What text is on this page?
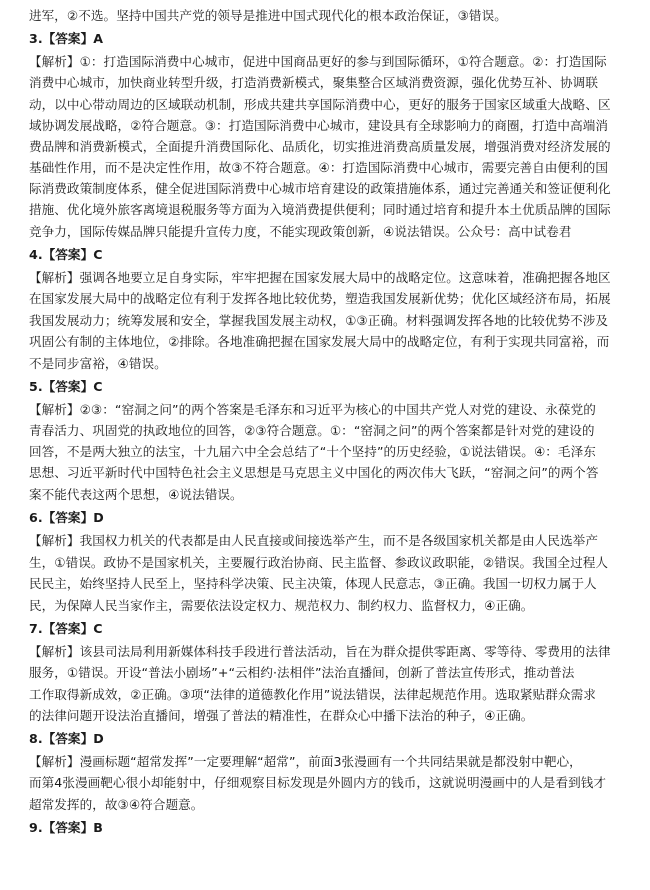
进军，②不选。坚持中国共产党的领导是推进中国式现代化的根本政治保证，③错误。
3.【答案】A
【解析】①：打造国际消费中心城市，促进中国商品更好的参与到国际循环，①符合题意。②：打造国际
消费中心城市，加快商业转型升级，打造消费新模式，聚集整合区域消费资源，强化优势互补、协调联
动，以中心带动周边的区域联动机制，形成共建共享国际消费中心，更好的服务于国家区域重大战略、区
域协调发展战略，②符合题意。③：打造国际消费中心城市，建设具有全球影响力的商圈，打造中高端消
费品牌和消费新模式，全面提升消费国际化、品质化，切实推进消费高质量发展，增强消费对经济发展的
基础性作用，而不是决定性作用，故③不符合题意。④：打造国际消费中心城市，需要完善自由便利的国
际消费政策制度体系，健全促进国际消费中心城市培育建设的政策措施体系，通过完善通关和签证便利化
措施、优化境外旅客离境退税服务等方面为入境消费提供便利；同时通过培育和提升本土优质品牌的国际
竞争力，国际传媒品牌只能提升宣传力度，不能实现政策创新，④说法错误。公众号：高中试卷君
4.【答案】C
【解析】强调各地要立足自身实际，牢牢把握在国家发展大局中的战略定位。这意味着，准确把握各地区
在国家发展大局中的战略定位有利于发挥各地比较优势，塑造我国发展新优势；优化区域经济布局，拓展
我国发展动力；统筹发展和安全，掌握我国发展主动权，①③正确。材料强调发挥各地的比较优势不涉及
巩固公有制的主体地位，②排除。各地准确把握在国家发展大局中的战略定位，有利于实现共同富裕，而
不是同步富裕，④错误。
5.【答案】C
【解析】②③：“窑洞之问”的两个答案是毛泽东和习近平为核心的中国共产党人对党的建设、永葆党的
青春活力、巩固党的执政地位的回答，②③符合题意。①：“窑洞之问”的两个答案都是针对党的建设的
回答，不是两大独立的法宝，十九届六中全会总结了“十个坚持”的历史经验，①说法错误。④：毛泽东
思想、习近平新时代中国特色社会主义思想是马克思主义中国化的两次伟大飞跃，“窑洞之问”的两个答
案不能代表这两个思想，④说法错误。
6.【答案】D
【解析】我国权力机关的代表都是由人民直接或间接选举产生，而不是各级国家机关都是由人民选举产
生，①错误。政协不是国家机关，主要履行政治协商、民主监督、参政议政职能，②错误。我国全过程人
民民主，始终坚持人民至上，坚持科学决策、民主决策，体现人民意志，③正确。我国一切权力属于人
民，为保障人民当家作主，需要依法设定权力、规范权力、制约权力、监督权力，④正确。
7.【答案】C
【解析】该县司法局利用新媒体科技手段进行普法活动，旨在为群众提供零距离、零等待、零费用的法律
服务，①错误。开设“普法小剧场”+“云相约·法相伴”法治直播间，创新了普法宣传形式，推动普法
工作取得新成效，②正确。③项“法律的道德教化作用”说法错误，法律起规范作用。选取紧贴群众需求
的法律问题开设法治直播间，增强了普法的精准性，在群众心中播下法治的种子，④正确。
8.【答案】D
【解析】漫画标题“超常发挥”一定要理解“超常”，前面3张漫画有一个共同结果就是都没射中靶心，
而第4张漫画靶心很小却能射中，仔细观察目标发现是外圆内方的钱币，这就说明漫画中的人是看到钱才
超常发挥的，故③④符合题意。
9.【答案】B
